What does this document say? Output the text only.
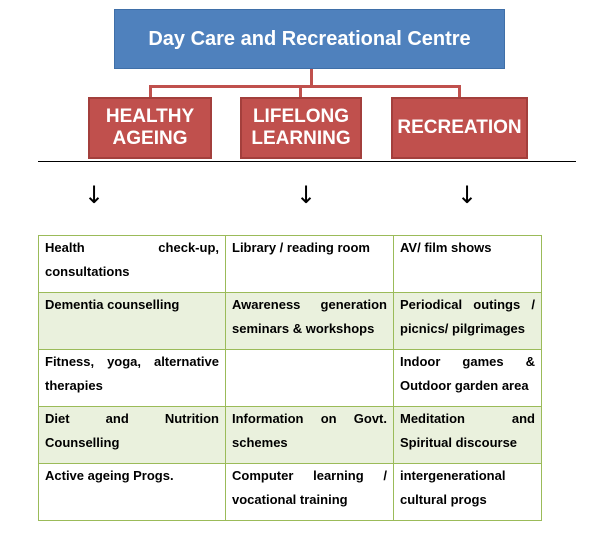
Day Care and Recreational Centre
HEALTHY
AGEING
LIFELONG
LEARNING
RECREATION
↓	↓	↓
Health check-up, consultations	Library / reading room	AV/ film shows
Dementia counselling	Awareness generation seminars & workshops	Periodical outings / picnics/ pilgrimages
Fitness, yoga, alternative therapies		Indoor games & Outdoor garden area
Diet and Nutrition Counselling	Information on Govt. schemes	Meditation and Spiritual discourse
Active ageing Progs.	Computer learning / vocational training	intergenerational cultural progs
